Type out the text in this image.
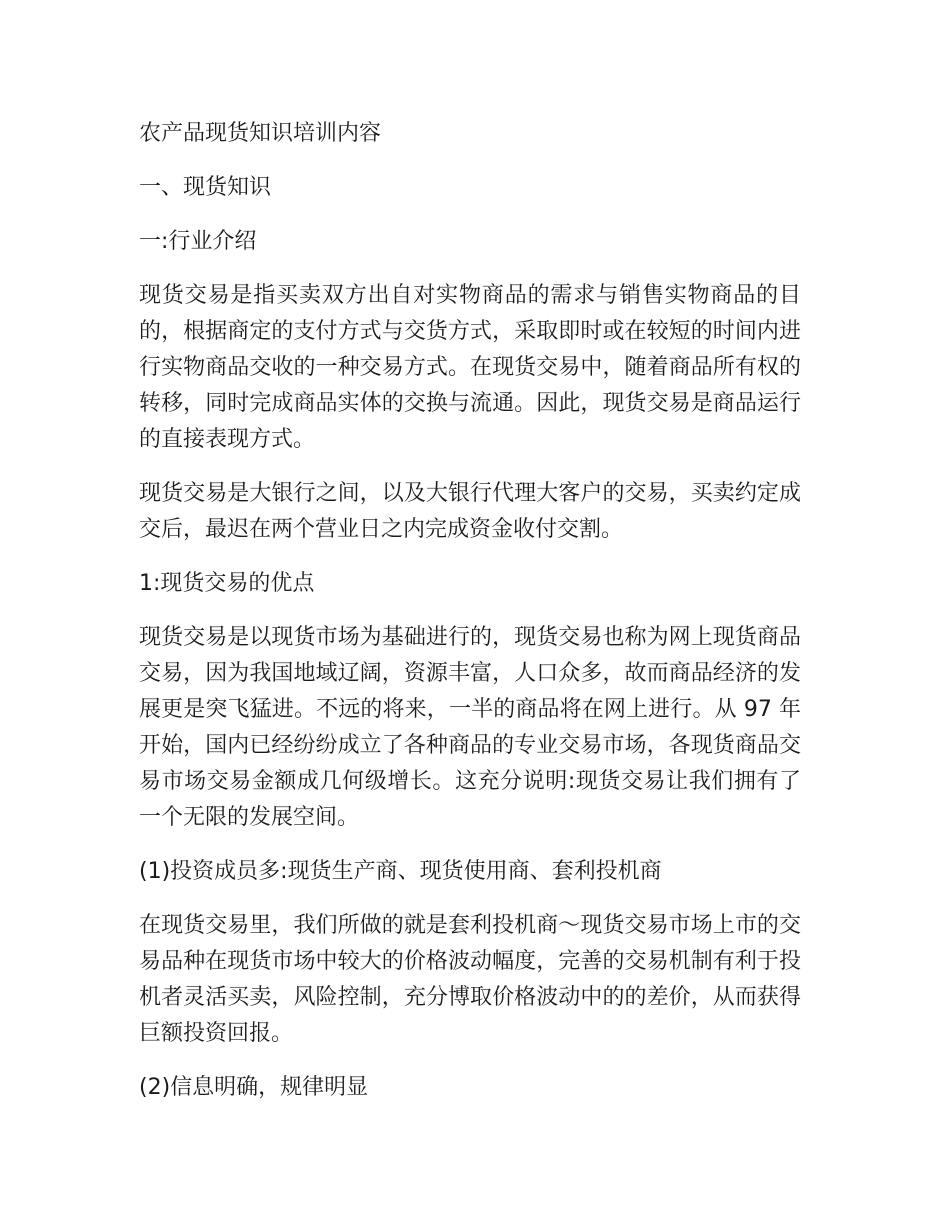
农产品现货知识培训内容
一、现货知识
一:行业介绍

现货交易是指买卖双方出自对实物商品的需求与销售实物商品的目的，根据商定的支付方式与交货方式，采取即时或在较短的时间内进行实物商品交收的一种交易方式。在现货交易中，随着商品所有权的转移，同时完成商品实体的交换与流通。因此，现货交易是商品运行的直接表现方式。

现货交易是大银行之间，以及大银行代理大客户的交易，买卖约定成交后，最迟在两个营业日之内完成资金收付交割。

1:现货交易的优点

现货交易是以现货市场为基础进行的，现货交易也称为网上现货商品交易，因为我国地域辽阔，资源丰富，人口众多，故而商品经济的发展更是突飞猛进。不远的将来，一半的商品将在网上进行。从 97 年开始，国内已经纷纷成立了各种商品的专业交易市场，各现货商品交易市场交易金额成几何级增长。这充分说明:现货交易让我们拥有了一个无限的发展空间。

(1)投资成员多:现货生产商、现货使用商、套利投机商

在现货交易里，我们所做的就是套利投机商～现货交易市场上市的交易品种在现货市场中较大的价格波动幅度，完善的交易机制有利于投机者灵活买卖，风险控制，充分博取价格波动中的的差价，从而获得巨额投资回报。

(2)信息明确，规律明显
